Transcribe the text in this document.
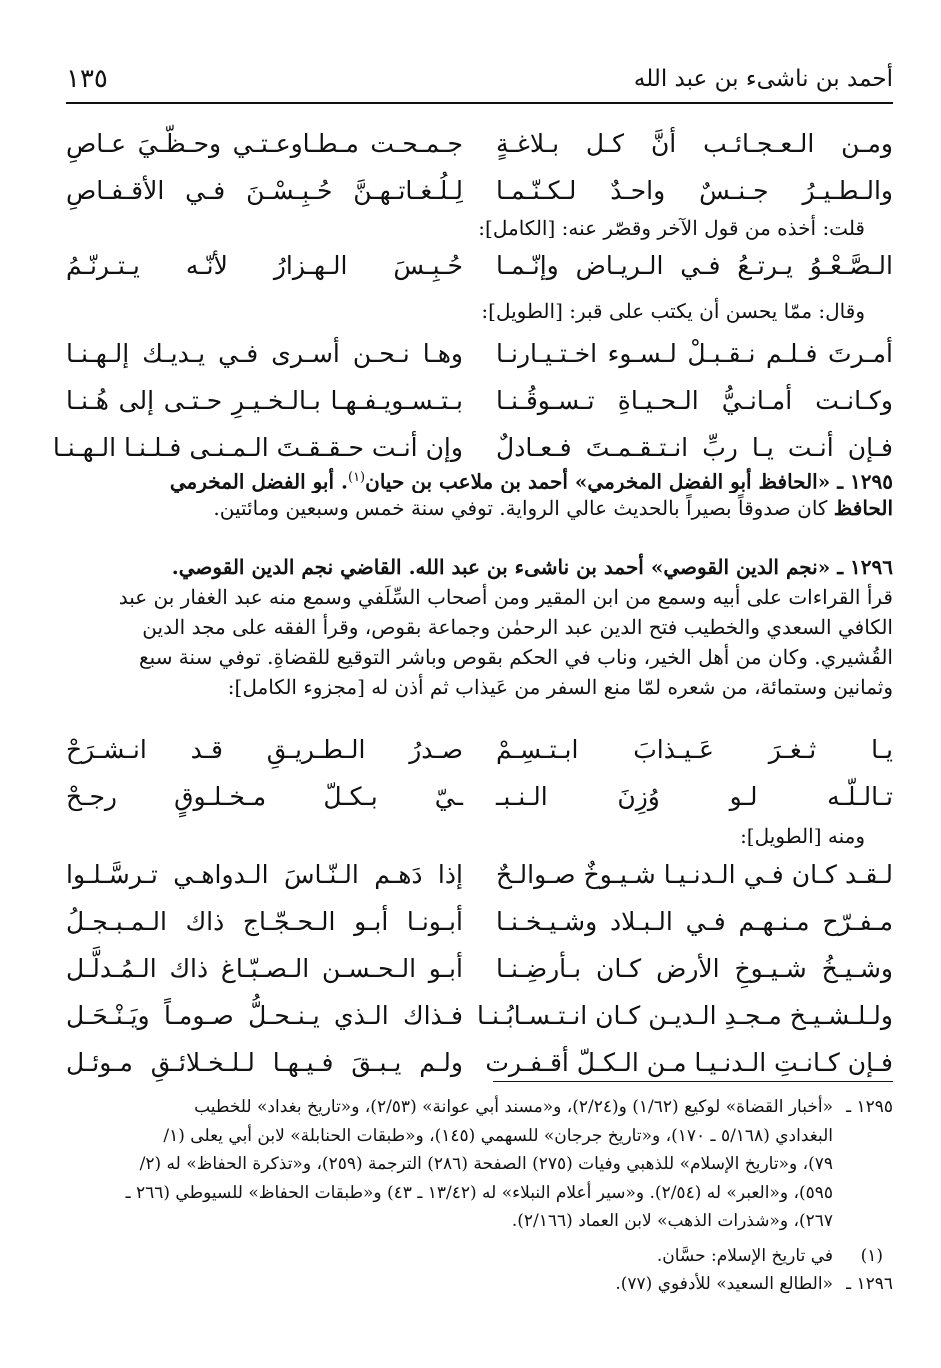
أحمد بن ناشىء بن عبد الله
١٣٥
ومـن الـعـجـائـب أنَّ كـل بـلاغـةٍ
جـمـحـت مـطـاوعـتـي وحـظّـيَ عـاصِ
والـطـيـرُ جـنـسٌ واحـدٌ لـكـنّـمـا
لِـلُـغـاتـهـنَّ حُـبِـسْـنَ فـي الأقـفـاصِ
قلت: أخذه من قول الآخر وقصّر عنه: [الكامل]:
الـصَّـعْـوُ يـرتـعُ فـي الـريـاض وإنّـمـا
حُـبِـسَ الـهـزارُ لأنّـه يـتـرنّـمُ
وقال: ممّا يحسن أن يكتب على قبر: [الطويل]:
أمـرتَ فـلـم نـقـبـلْ لـسـوء اخـتـيـارنـا
وهـا نـحـن أسـرى فـي يـديـك إلـهـنـا
وكـانـت أمـانـيُّ الـحـيـاةِ تـسـوقُـنـا
بـتـسـويـفـهـا بـالـخـيـرِ حـتـى إلى هُـنـا
فـإن أنـت يـا ربِّ انـتـقـمـتَ فـعـادلٌ
وإن أنـت حـقـقـتَ الـمـنـى فـلـنـا الـهـنـا
١٢٩٥ ـ «الحافظ أبو الفضل المخرمي» أحمد بن ملاعب بن حيان$^{(١)}$. أبو الفضل المخرمي
الحافظ كان صدوقاً بصيراً بالحديث عالي الرواية. توفي سنة خمس وسبعين ومائتين.
١٢٩٦ ـ «نجم الدين القوصي» أحمد بن ناشىء بن عبد الله. القاضي نجم الدين القوصي.
قرأ القراءات على أبيه وسمع من ابن المقير ومن أصحاب السِّلَفي وسمع منه عبد الغفار بن عبد
الكافي السعدي والخطيب فتح الدين عبد الرحمٰن وجماعة بقوص، وقرأ الفقه على مجد الدين
القُشيري. وكان من أهل الخير، وناب في الحكم بقوص وباشر التوقيع للقضاةِ. توفي سنة سبع
وثمانين وستمائة، من شعره لمّا منع السفر من عَيذاب ثم أذن له [مجزوء الكامل]:
يـا ثـغـرَ عَـيـذابَ ابـتـسِـمْ
صـدرُ الـطـريـقِ قـد انـشـرَحْ
تـالـلّـه لـو وُزِنَ الـنـبـ
ـيّ بـكـلّ مـخـلـوقٍ رجـحْ
ومنه [الطويل]:
لـقـد كـان فـي الـدنـيـا شـيـوخٌ صـوالـحٌ
إذا دَهـم الـنّـاسَ الـدواهـي تـرسَّـلـوا
مـفـرّح مـنـهـم فـي الـبـلاد وشـيـخـنـا
أبـونـا أبـو الـحـجّـاج ذاك الـمـبـجـلُ
وشـيـخُ شـيـوخِ الأرض كـان بـأرضِـنـا
أبـو الـحـسـن الـصـبّـاغ ذاك الـمُـدلَّـل
ولـلـشـيـخ مـجـدِ الـديـن كـان انـتـسـابُـنـا
فـذاك الـذي يـنـحـلُّ صـومـاً ويَـنْـحَـل
فـإن كـانـتِ الـدنـيـا مـن الـكـلّ أقـفـرت
ولـم يـبـقَ فـيـهـا لـلـخـلائـقِ مـوئـل
١٢٩٥ ـ«أخبار القضاة» لوكيع (١/٦٢) و(٢/٢٤)، و«مسند أبي عوانة» (٢/٥٣)، و«تاريخ بغداد» للخطيب
البغدادي (٥/١٦٨ ـ ١٧٠)، و«تاريخ جرجان» للسهمي (١٤٥)، و«طبقات الحنابلة» لابن أبي يعلى (١/
٧٩)، و«تاريخ الإسلام» للذهبي وفيات (٢٧٥) الصفحة (٢٨٦) الترجمة (٢٥٩)، و«تذكرة الحفاظ» له (٢/
٥٩٥)، و«العبر» له (٢/٥٤). و«سير أعلام النبلاء» له (١٣/٤٢ ـ ٤٣) و«طبقات الحفاظ» للسيوطي (٢٦٦ ـ
٢٦٧)، و«شذرات الذهب» لابن العماد (٢/١٦٦).
(١)في تاريخ الإسلام: حسَّان.
١٢٩٦ ـ«الطالع السعيد» للأدفوي (٧٧).
